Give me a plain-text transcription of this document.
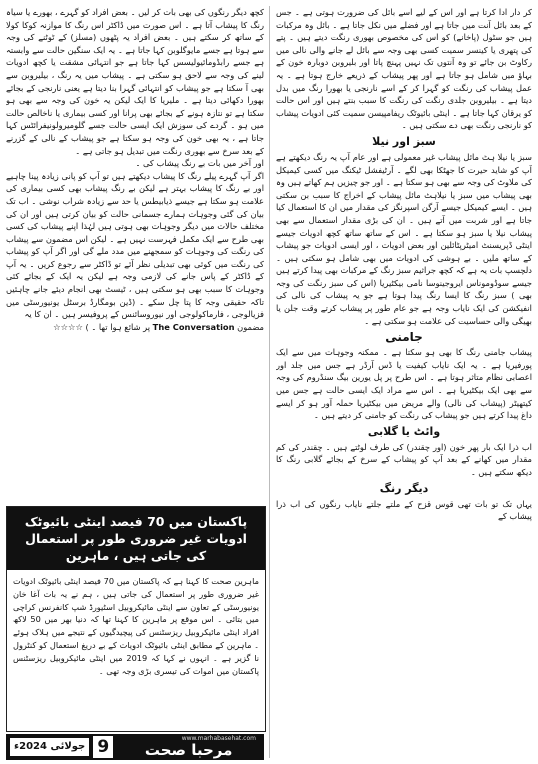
کر دار ادا کرتا ہے اور اس کے لیے اسے بائل کی ضرورت ہوتی ہے ۔ جس کے بعد بائل آنت میں جاتا ہے اور فضلے میں نکل جاتا ہے ۔ بائل وہ مرکبات ہیں جو سٹول (پاخانے) کو اس کی مخصوص بھوری رنگت دیتے ہیں ۔ پتے کی پتھری یا کینسر سمیت کسی بھی وجہ سے بائل لے جانے والی نالی میں رکاوٹ بن جائے تو وہ آنتوں تک نہیں پہنچ پاتا اور بلیروبن دوبارہ خون کے بہاؤ میں شامل ہو جاتا ہے اور پھر پیشاب کے ذریعے خارج ہوتا ہے ۔ یہ عمل پیشاب کی رنگت کو گہرا کر کے اسے نارنجی یا بھورا رنگ میں بدل دیتا ہے ۔ بیلیروبن جلدی رنگت کی رنگت کا سبب بنتے ہیں اور اس حالت کو یرقان کہا جاتا ہے ۔ اینٹی بائیوٹک ریفامپیسن سمیت کئی ادویات پیشاب کو نارنجی رنگت بھی دے سکتی ہیں ۔

سبز اور نیلا

سبز یا نیلا ہٹ مائل پیشاب غیر معمولی ہے اور عام آپ یہ رنگ دیکھتے ہے آپ کو شاید حیرت کا جھٹکا بھی لگے ۔ آرٹیفشل ٹیکنگ میں کسی کیمیکل کی ملاوٹ کی وجہ سے بھی ہو سکتا ہے ۔ اور جو چیزیں ہم کھاتے ہیں وہ بھی پیشاب میں سبز یا نیلاہٹ مائل پیشاب کے اخراج کا سبب بن سکتی ہیں ۔ ایسے کیمیکل جیسے آرگن اسپرنگز کی مقدار میں ان کا استعمال کیا جاتا ہے اور شربت میں آتے ہیں ۔ ان کی بڑی مقدار استعمال سے بھی پیشاب نیلا یا سبز ہو سکتا ہے ۔ اس کے ساتھ ساتھ کچھ ادویات جیسے اینٹی ڈپریسنٹ امیٹرپٹائلین اور بعض ادویات ، اور ایسی ادویات جو پیشاب کے ساتھ ملیں ۔ بے ہوشی کی ادویات میں بھی شامل ہو سکتی ہیں ۔ دلچسپ بات یہ ہے کہ کچھ جراثیم سبز رنگ کے مرکبات بھی پیدا کرتے ہیں جیسے سوڈوموناس ایروجینوسا نامی بیکٹیریا (اس کی سبز رنگت کی وجہ بھی ) سبز رنگ کا ایسا رنگ پیدا ہوتا ہے جو یہ پیشاب کی نالی کی انفیکشن کی ایک نایاب وجہ ہے جو عام طور پر پیشاب کرتے وقت جلن یا بھیگی والی حساسیت کی علامت ہو سکتی ہے ۔

جامنی

پیشاب جامنی رنگ کا بھی ہو سکتا ہے ۔ ممکنہ وجوہات میں سے ایک پورفیریا ہے ۔ یہ ایک نایاب کیفیت یا ڈس آرڈر ہے جس میں جلد اور اعصابی نظام متاثر ہوتا ہے ۔ اس طرح پر پل یورین بیگ سنڈروم کی وجہ سے بھی ایک بیکٹیریا ہے ۔ اس سے مراد ایک ایسی حالت ہے جس میں کیتھیٹر (پیشاب کی نالی) والے مریض میں بیکٹیریا حملہ آور ہو کر ایسے داغ پیدا کرتے ہیں جو پیشاب کی رنگت کو جامنی کر دیتے ہیں ۔

وائٹ یا گلابی

اب ذرا ایک بار پھر خون (اور چقندر) کی طرف لوٹتے ہیں ۔ چقندر کی کم مقدار میں کھانے کے بعد آپ کو پیشاب کے سرخ کے بجائے گلابی رنگ کا دیکھ سکتے ہیں ۔

دیگر رنگ

یہاں تک تو بات تھی قوس قزح کے ملتے جلتے نایاب رنگوں کی اب ذرا پیشاب کے

کچھ دیگر رنگوں کی بھی بات کر لیں ۔ بعض افراد کو گہرے ، بھورے یا سیاہ رنگ کا پیشاب آتا ہے ۔ اس صورت میں ڈاکٹر اس رنگ کا موازنہ کوکا کولا کے ساتھ کر سکتے ہیں ۔ بعض افراد یہ پٹھوں (مسلز) کے ٹوٹنے کی وجہ سے ہوتا ہے جسے مایوگلوبن کہا جاتا ہے ۔ یہ ایک سنگین حالت سے وابستہ ہے جسے رابڈومائیولیسس کہا جاتا ہے جو انتہائی مشقت یا کچھ ادویات لینے کی وجہ سے لاحق ہو سکتی ہے ۔ پیشاب میں یہ رنگ ، بیلیروبن سے بھی آ سکتا ہے جو پیشاب کو انتہائی گہرا بنا دیتا ہے یعنی نارنجی کے بجائے بھورا دکھائی دیتا ہے ۔ ملیریا کا ایک لیکن یہ خون کی وجہ سے بھی ہو سکتا ہے تو نتازہ ہونے کے بجائے بھی پرانا اور کسی بیماری یا ناخالص حالت میں ہو ۔ گردے کی سوزش ایک ایسی حالت جسے گلومیرولونیفرائٹس کہا جاتا ہے ، یہ بھی خون کی وجہ ہو سکتا ہے جو پیشاب کے نالی کے گزرنے کے بعد سرخ سے بھوری رنگت میں تبدیل ہو جاتی ہے ۔

اور آخر میں بات بے رنگ پیشاب کی ۔

اگر آپ گہرے پیلے رنگ کا پیشاب دیکھتے ہیں تو آپ کو پانی زیادہ پینا چاہیے اور بے رنگ کا پیشاب بہتر ہے لیکن بے رنگ پیشاب بھی کسی بیماری کی علامت ہو سکتا ہے جیسے ذیابیطس یا حد سے زیادہ شراب نوشی ۔ اب تک بیان کی گئی وجوہات ہمارے جسمانی حالت کو بیان کرتی ہیں اور ان کی مختلف حالات میں دیگر وجوہات بھی ہوتی ہیں لہٰذا اپنے پیشاب کی کسی بھی طرح سے ایک مکمل فہرست نہیں ہے ۔ لیکن اس مضمون سے پیشاب کی رنگت کی وجوہات کو سمجھنے میں مدد ملے گی اور اگر آپ کو پیشاب کی رنگت میں کوئی بھی تبدیلی نظر آئے تو ڈاکٹر سے رجوع کریں ۔ یہ آپ کے ڈاکٹر کے پاس جانے کی لازمی وجہ ہے لیکن یہ ایک کے بجائے کئی وجوہات کا سبب بھی ہو سکتی ہیں ، ٹیسٹ بھی انجام دیئے جانے چاہئیں تاکہ حقیقی وجہ کا پتا چل سکے ۔ (ڈین بومگارڈ برسٹل یونیورسٹی میں فزیالوجی ، فارماکولوجی اور نیوروسائنس کے پروفیسر ہیں ۔ ان کا یہ

مضمون The Conversation پر شائع ہوا تھا ۔ ) ☆☆☆☆

پاکستان میں 70 فیصد اینٹی بائیوٹک ادویات غیر ضروری طور پر استعمال کی جاتی ہیں ، ماہرین
ماہرین صحت کا کہنا ہے کہ پاکستان میں 70 فیصد اینٹی بائیوٹک ادویات غیر ضروری طور پر استعمال کی جاتی ہیں ، ہم نے یہ بات آغا خان یونیورسٹی کے تعاون سے اینٹی مائیکروبیل اسٹیورڈ شپ کانفرنس کراچی میں بتائی ۔ اس موقع پر ماہرین کا کہنا تھا کہ دنیا بھر میں 50 لاکھ افراد اینٹی مائیکروبیل ریزسٹنس کی پیچیدگیوں کے نتیجے میں ہلاک ہوئے ۔ ماہرین کے مطابق اینٹی بائیوٹک ادویات کے بے دریغ استعمال کو کنٹرول نا گزیر ہے ۔ انہوں نے کہا کہ 2019 میں اینٹی مائیکروبیل ریزسٹنس پاکستان میں اموات کی تیسری بڑی وجہ تھی ۔
جولائی 2024ء 9	مرحبا صحت
www.marhabasehat.com
